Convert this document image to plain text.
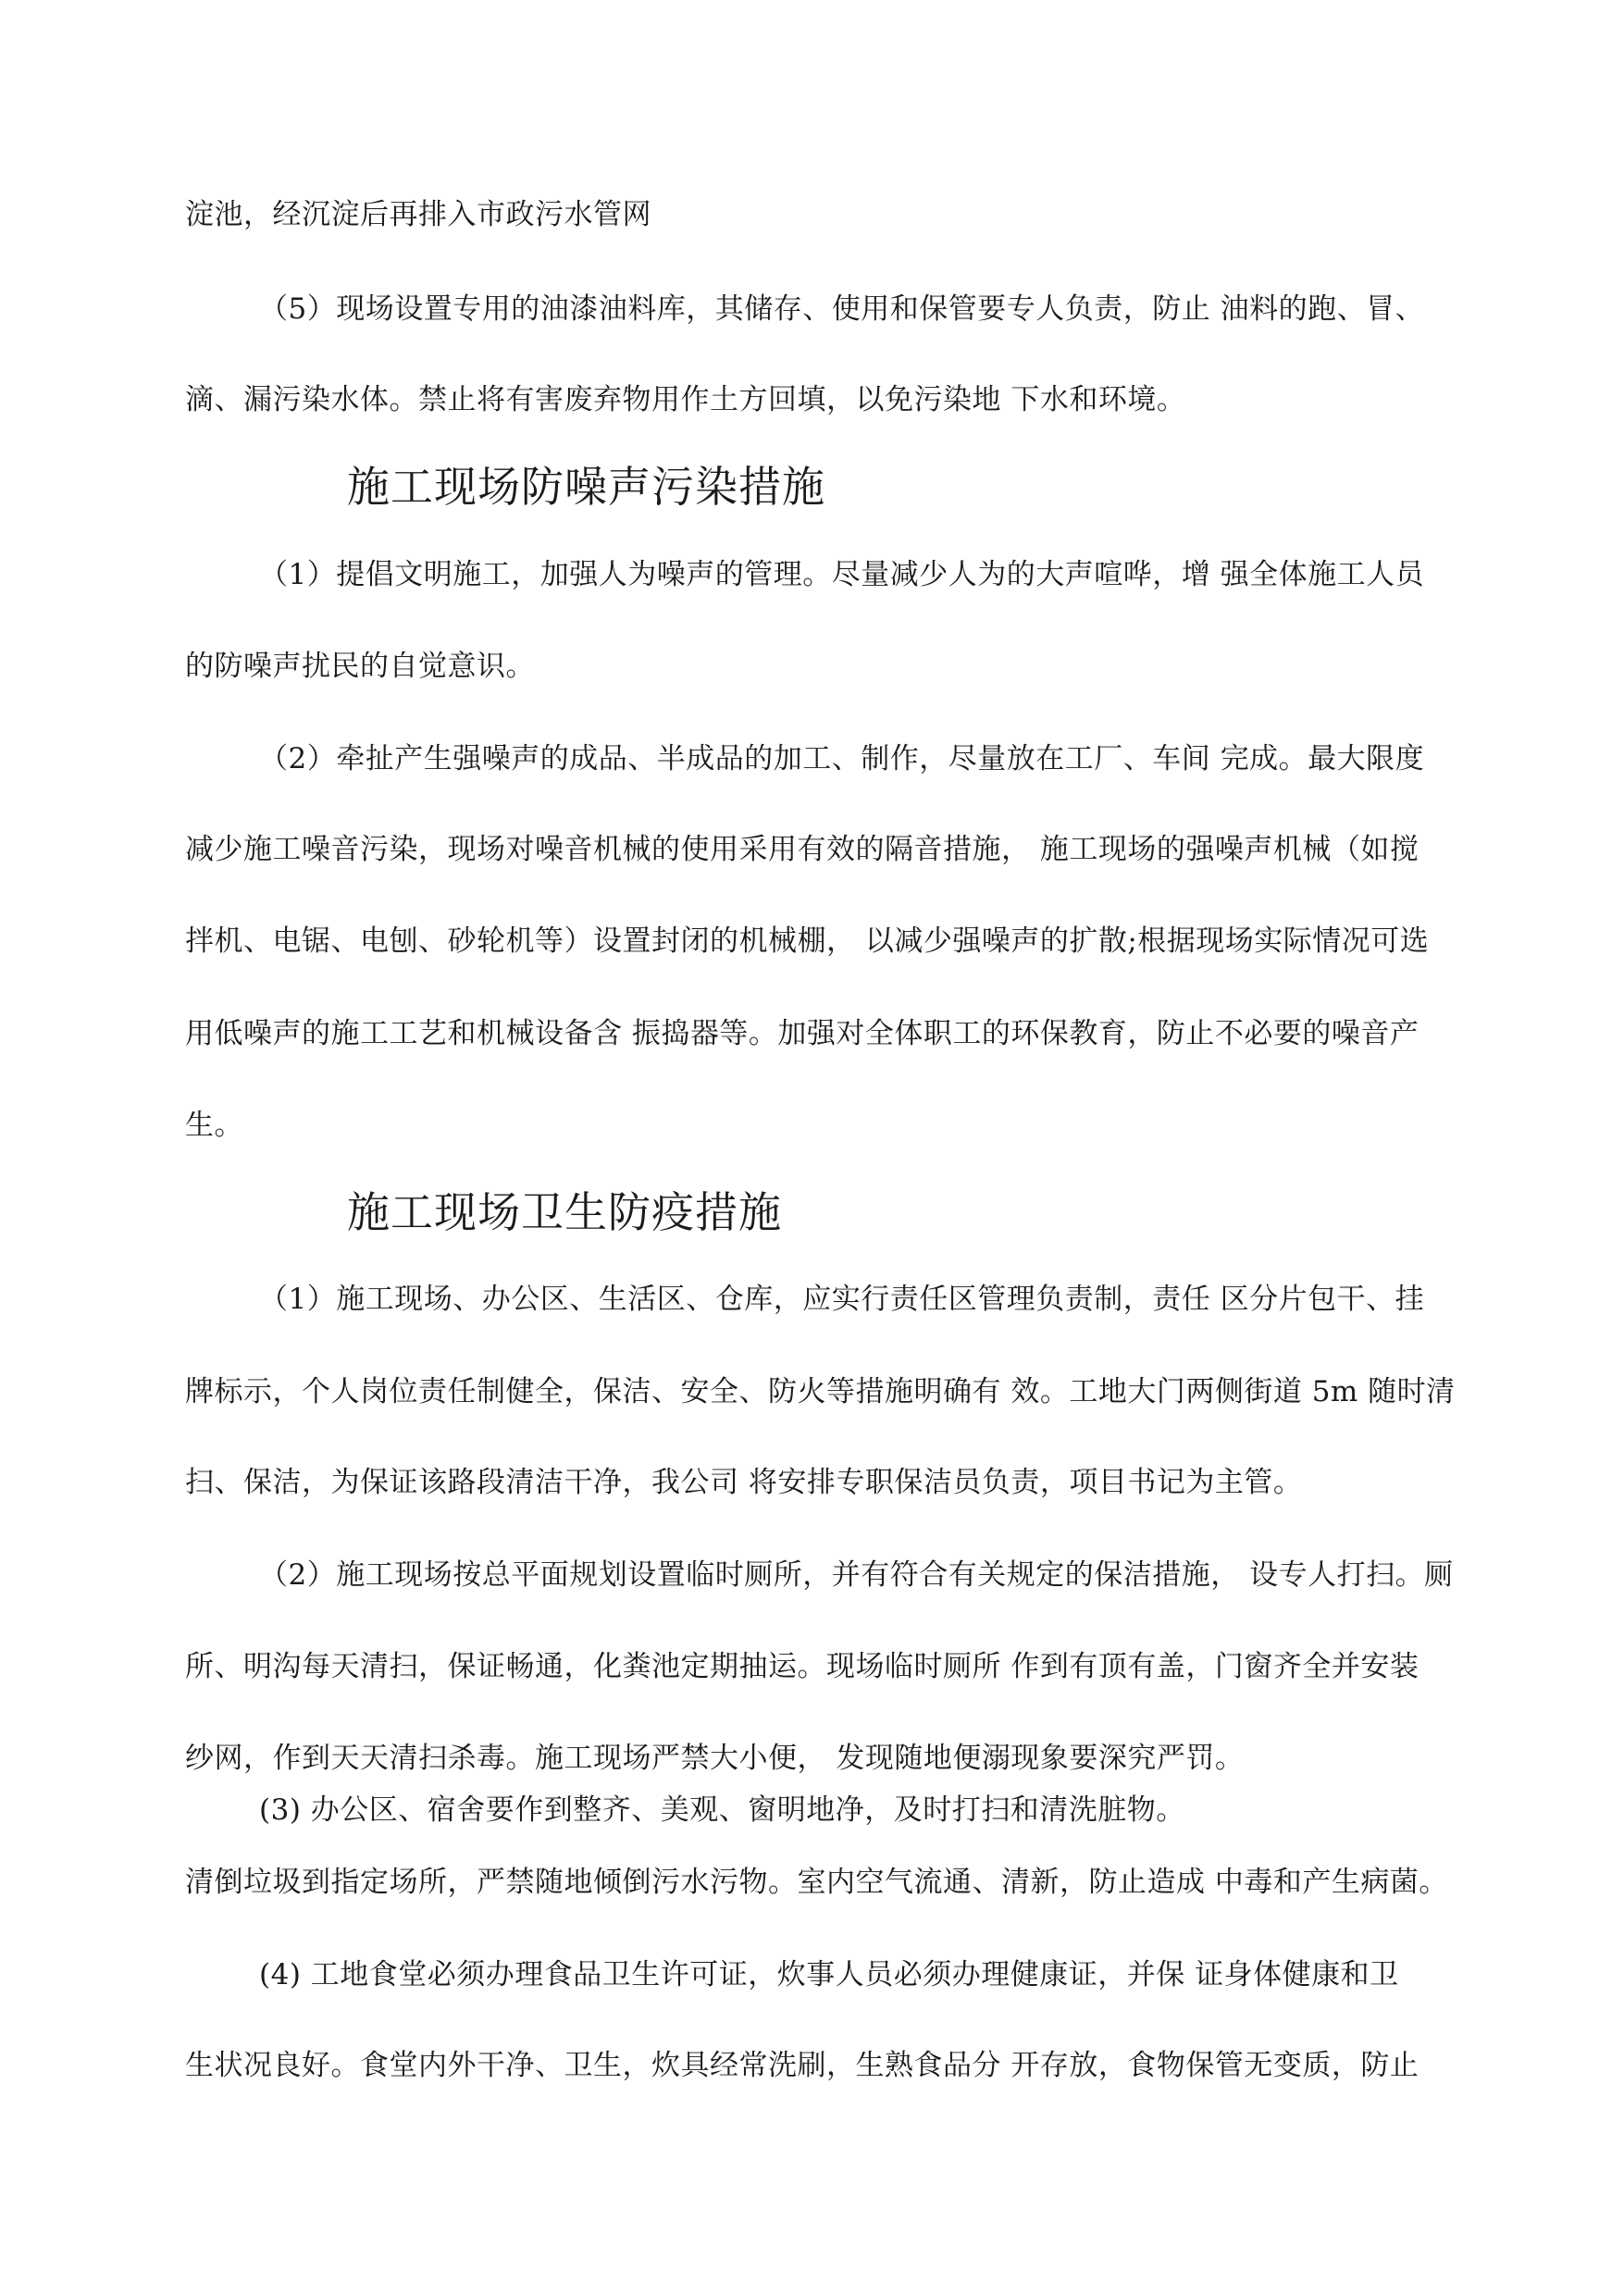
淀池，经沉淀后再排入市政污水管网
（5）现场设置专用的油漆油料库，其储存、使用和保管要专人负责，防止 油料的跑、冒、
滴、漏污染水体。禁止将有害废弃物用作土方回填，以免污染地 下水和环境。
施工现场防噪声污染措施
（1）提倡文明施工，加强人为噪声的管理。尽量减少人为的大声喧哗，增 强全体施工人员
的防噪声扰民的自觉意识。
（2）牵扯产生强噪声的成品、半成品的加工、制作，尽量放在工厂、车间 完成。最大限度
减少施工噪音污染，现场对噪音机械的使用采用有效的隔音措施， 施工现场的强噪声机械（如搅
拌机、电锯、电刨、砂轮机等）设置封闭的机械棚， 以减少强噪声的扩散;根据现场实际情况可选
用低噪声的施工工艺和机械设备含 振捣器等。加强对全体职工的环保教育，防止不必要的噪音产
生。
施工现场卫生防疫措施
（1）施工现场、办公区、生活区、仓库，应实行责任区管理负责制，责任 区分片包干、挂
牌标示，个人岗位责任制健全，保洁、安全、防火等措施明确有 效。工地大门两侧街道 5m 随时清
扫、保洁，为保证该路段清洁干净，我公司 将安排专职保洁员负责，项目书记为主管。
（2）施工现场按总平面规划设置临时厕所，并有符合有关规定的保洁措施， 设专人打扫。厕
所、明沟每天清扫，保证畅通，化粪池定期抽运。现场临时厕所 作到有顶有盖，门窗齐全并安装
纱网，作到天天清扫杀毒。施工现场严禁大小便， 发现随地便溺现象要深究严罚。
(3) 办公区、宿舍要作到整齐、美观、窗明地净，及时打扫和清洗脏物。
清倒垃圾到指定场所，严禁随地倾倒污水污物。室内空气流通、清新，防止造成 中毒和产生病菌。
(4) 工地食堂必须办理食品卫生许可证，炊事人员必须办理健康证，并保 证身体健康和卫
生状况良好。食堂内外干净、卫生，炊具经常洗刷，生熟食品分 开存放，食物保管无变质，防止
